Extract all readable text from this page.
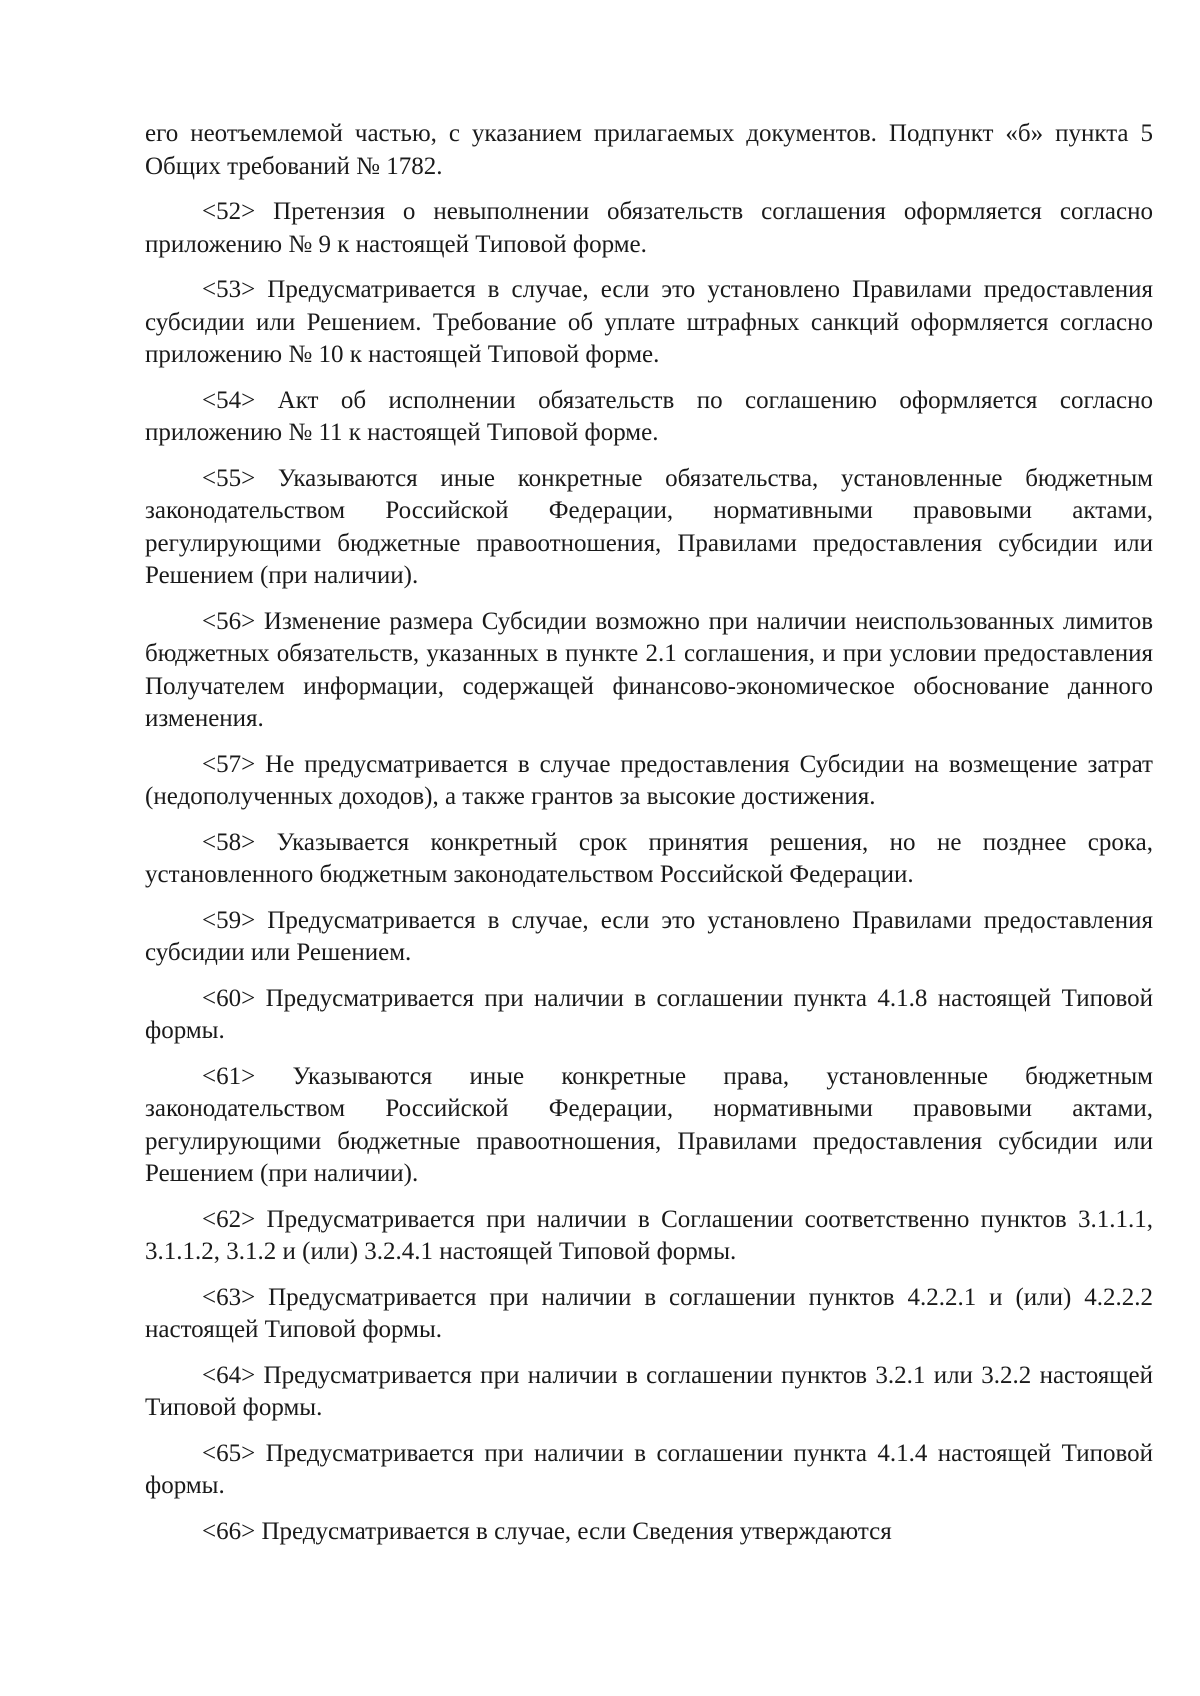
его неотъемлемой частью, с указанием прилагаемых документов. Подпункт «б» пункта 5 Общих требований № 1782.

<52> Претензия о невыполнении обязательств соглашения оформляется согласно приложению № 9 к настоящей Типовой форме.

<53> Предусматривается в случае, если это установлено Правилами предоставления субсидии или Решением. Требование об уплате штрафных санкций оформляется согласно приложению № 10 к настоящей Типовой форме.

<54> Акт об исполнении обязательств по соглашению оформляется согласно приложению № 11 к настоящей Типовой форме.

<55> Указываются иные конкретные обязательства, установленные бюджетным законодательством Российской Федерации, нормативными правовыми актами, регулирующими бюджетные правоотношения, Правилами предоставления субсидии или Решением (при наличии).

<56> Изменение размера Субсидии возможно при наличии неиспользованных лимитов бюджетных обязательств, указанных в пункте 2.1 соглашения, и при условии предоставления Получателем информации, содержащей финансово-экономическое обоснование данного изменения.

<57> Не предусматривается в случае предоставления Субсидии на возмещение затрат (недополученных доходов), а также грантов за высокие достижения.

<58> Указывается конкретный срок принятия решения, но не позднее срока, установленного бюджетным законодательством Российской Федерации.

<59> Предусматривается в случае, если это установлено Правилами предоставления субсидии или Решением.

<60> Предусматривается при наличии в соглашении пункта 4.1.8 настоящей Типовой формы.

<61> Указываются иные конкретные права, установленные бюджетным законодательством Российской Федерации, нормативными правовыми актами, регулирующими бюджетные правоотношения, Правилами предоставления субсидии или Решением (при наличии).

<62> Предусматривается при наличии в Соглашении соответственно пунктов 3.1.1.1, 3.1.1.2, 3.1.2 и (или) 3.2.4.1 настоящей Типовой формы.

<63> Предусматривается при наличии в соглашении пунктов 4.2.2.1 и (или) 4.2.2.2 настоящей Типовой формы.

<64> Предусматривается при наличии в соглашении пунктов 3.2.1 или 3.2.2 настоящей Типовой формы.

<65> Предусматривается при наличии в соглашении пункта 4.1.4 настоящей Типовой формы.

<66> Предусматривается в случае, если Сведения утверждаются
